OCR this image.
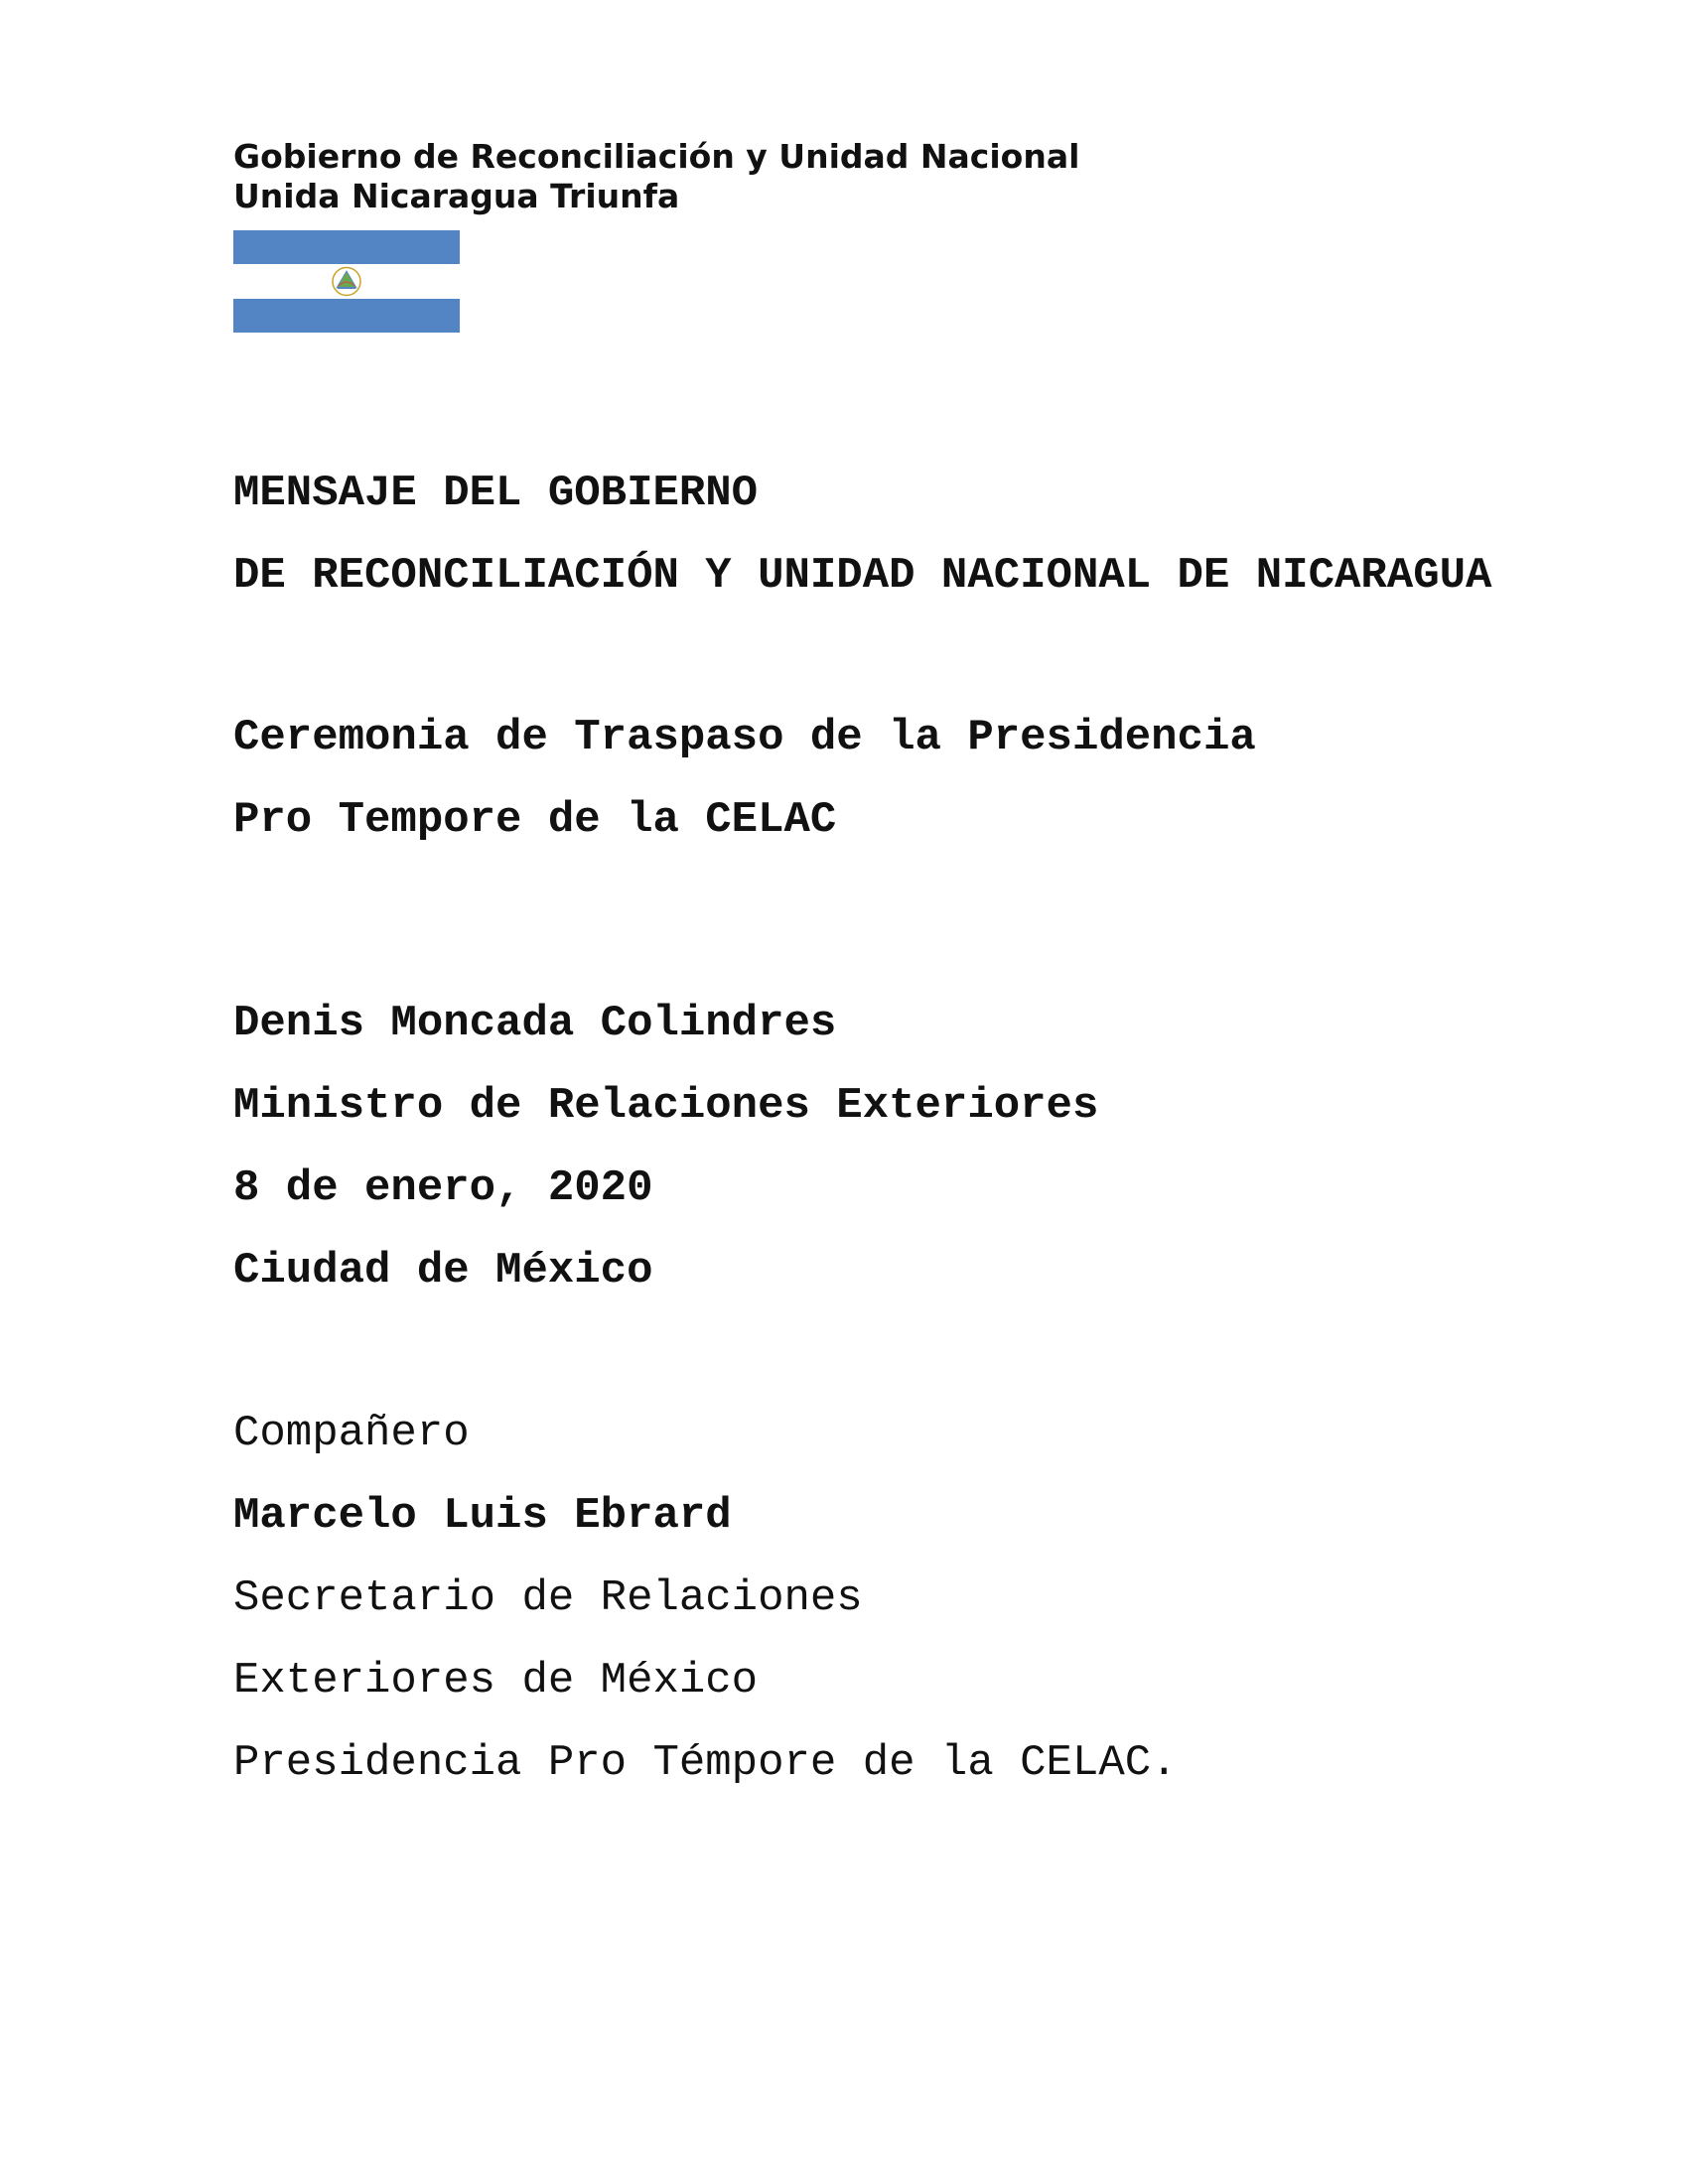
Gobierno de Reconciliación y Unidad Nacional
Unida Nicaragua Triunfa
MENSAJE DEL GOBIERNO
DE RECONCILIACIÓN Y UNIDAD NACIONAL DE NICARAGUA
Ceremonia de Traspaso de la Presidencia
Pro Tempore de la CELAC
Denis Moncada Colindres
Ministro de Relaciones Exteriores
8 de enero, 2020
Ciudad de México
Compañero
Marcelo Luis Ebrard
Secretario de Relaciones
Exteriores de México
Presidencia Pro Témpore de la CELAC.
